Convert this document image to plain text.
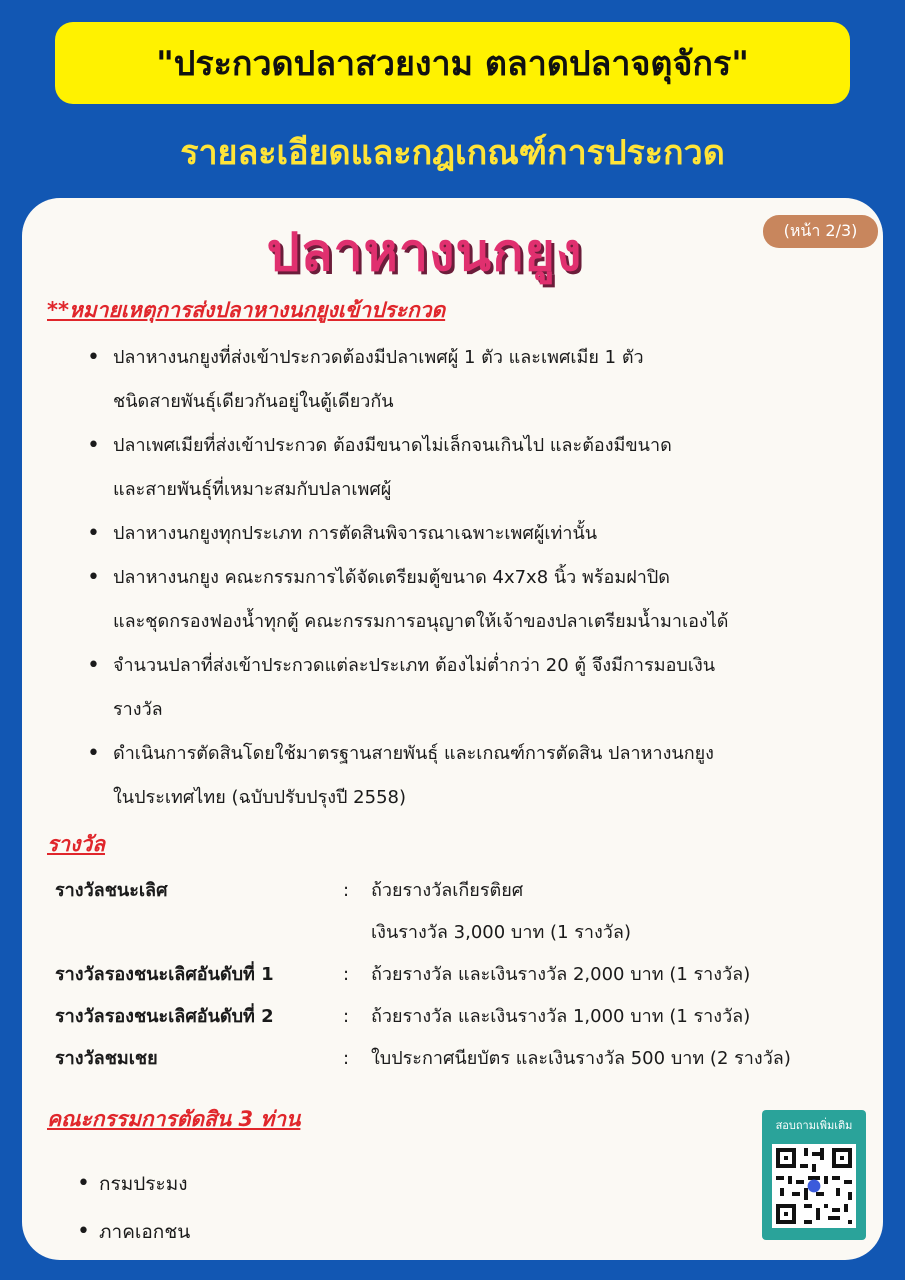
"ประกวดปลาสวยงาม ตลาดปลาจตุจักร"
รายละเอียดและกฎเกณฑ์การประกวด
ปลาหางนกยูง	(หน้า 2/3)
**หมายเหตุการส่งปลาหางนกยูงเข้าประกวด
• ปลาหางนกยูงที่ส่งเข้าประกวดต้องมีปลาเพศผู้ 1 ตัว และเพศเมีย 1 ตัว
ชนิดสายพันธุ์เดียวกันอยู่ในตู้เดียวกัน
• ปลาเพศเมียที่ส่งเข้าประกวด ต้องมีขนาดไม่เล็กจนเกินไป และต้องมีขนาด
และสายพันธุ์ที่เหมาะสมกับปลาเพศผู้
• ปลาหางนกยูงทุกประเภท การตัดสินพิจารณาเฉพาะเพศผู้เท่านั้น
• ปลาหางนกยูง คณะกรรมการได้จัดเตรียมตู้ขนาด 4x7x8 นิ้ว พร้อมฝาปิด
และชุดกรองฟองน้ำทุกตู้ คณะกรรมการอนุญาตให้เจ้าของปลาเตรียมน้ำมาเองได้
• จำนวนปลาที่ส่งเข้าประกวดแต่ละประเภท ต้องไม่ต่ำกว่า 20 ตู้ จึงมีการมอบเงิน
รางวัล
• ดำเนินการตัดสินโดยใช้มาตรฐานสายพันธุ์ และเกณฑ์การตัดสิน ปลาหางนกยูง
ในประเทศไทย (ฉบับปรับปรุงปี 2558)
รางวัล
รางวัลชนะเลิศ	:	ถ้วยรางวัลเกียรติยศ
เงินรางวัล 3,000 บาท (1 รางวัล)
รางวัลรองชนะเลิศอันดับที่ 1	:	ถ้วยรางวัล และเงินรางวัล 2,000 บาท (1 รางวัล)
รางวัลรองชนะเลิศอันดับที่ 2	:	ถ้วยรางวัล และเงินรางวัล 1,000 บาท (1 รางวัล)
รางวัลชมเชย	:	ใบประกาศนียบัตร และเงินรางวัล 500 บาท (2 รางวัล)
คณะกรรมการตัดสิน 3 ท่าน
• กรมประมง
• ภาคเอกชน
สอบถามเพิ่มเติม
